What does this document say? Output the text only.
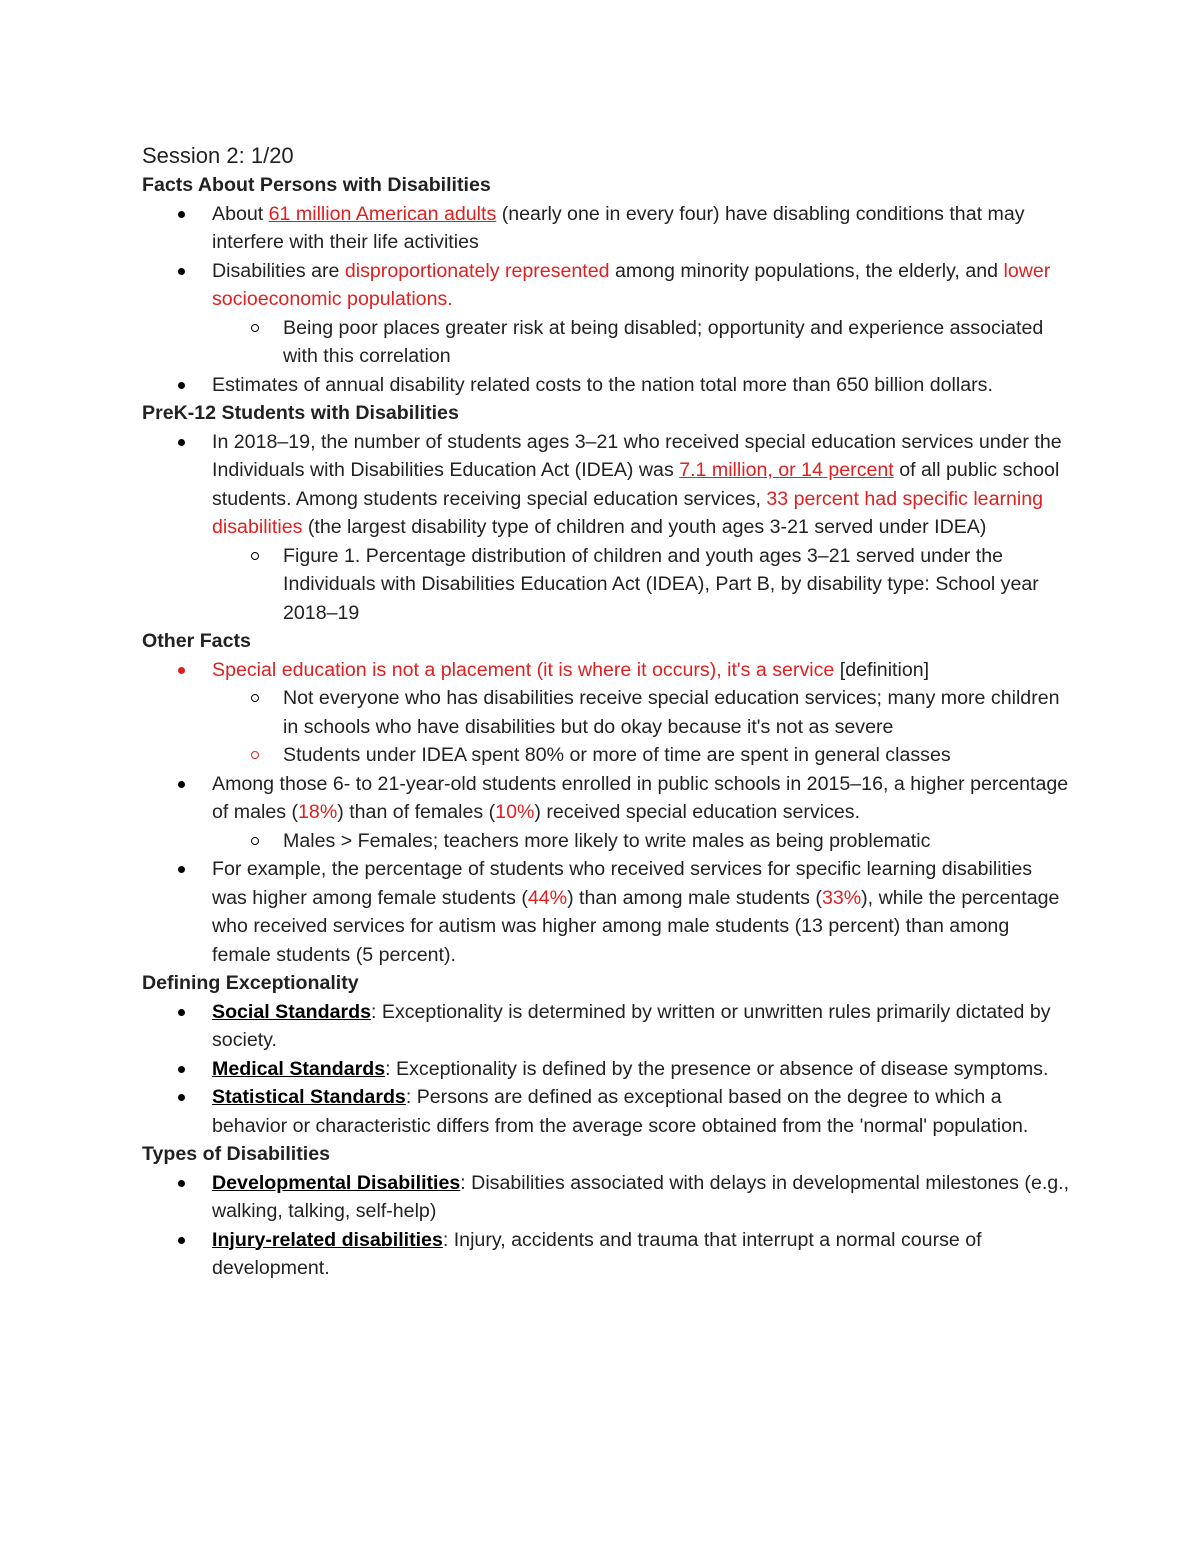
Session 2: 1/20

Facts About Persons with Disabilities

About 61 million American adults (nearly one in every four) have disabling conditions that may interfere with their life activities
Disabilities are disproportionately represented among minority populations, the elderly, and lower socioeconomic populations.
Being poor places greater risk at being disabled; opportunity and experience associated with this correlation
Estimates of annual disability related costs to the nation total more than 650 billion dollars.

PreK-12 Students with Disabilities

In 2018–19, the number of students ages 3–21 who received special education services under the Individuals with Disabilities Education Act (IDEA) was 7.1 million, or 14 percent of all public school students. Among students receiving special education services, 33 percent had specific learning disabilities (the largest disability type of children and youth ages 3-21 served under IDEA)
Figure 1. Percentage distribution of children and youth ages 3–21 served under the Individuals with Disabilities Education Act (IDEA), Part B, by disability type: School year 2018–19

Other Facts

Special education is not a placement (it is where it occurs), it's a service [definition]
Not everyone who has disabilities receive special education services; many more children in schools who have disabilities but do okay because it's not as severe
Students under IDEA spent 80% or more of time are spent in general classes
Among those 6- to 21-year-old students enrolled in public schools in 2015–16, a higher percentage of males (18%) than of females (10%) received special education services.
Males > Females; teachers more likely to write males as being problematic
For example, the percentage of students who received services for specific learning disabilities was higher among female students (44%) than among male students (33%), while the percentage who received services for autism was higher among male students (13 percent) than among female students (5 percent).

Defining Exceptionality

Social Standards: Exceptionality is determined by written or unwritten rules primarily dictated by society.
Medical Standards: Exceptionality is defined by the presence or absence of disease symptoms.
Statistical Standards: Persons are defined as exceptional based on the degree to which a behavior or characteristic differs from the average score obtained from the 'normal' population.

Types of Disabilities

Developmental Disabilities: Disabilities associated with delays in developmental milestones (e.g., walking, talking, self-help)
Injury-related disabilities: Injury, accidents and trauma that interrupt a normal course of development.
